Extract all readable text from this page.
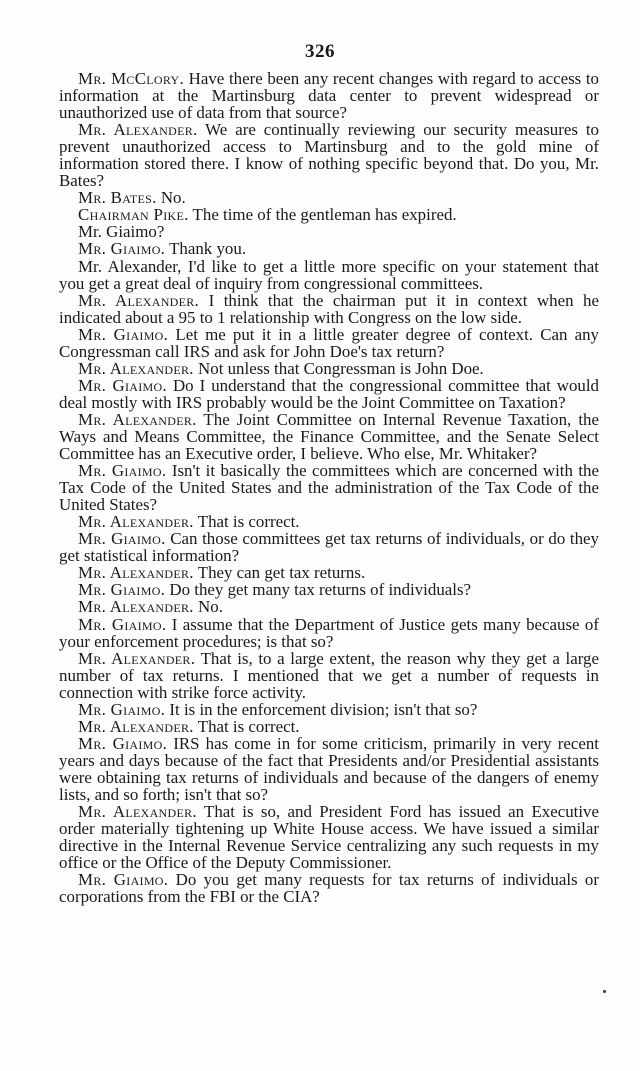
326

Mr. McClory. Have there been any recent changes with regard to access to information at the Martinsburg data center to prevent widespread or unauthorized use of data from that source?

Mr. Alexander. We are continually reviewing our security measures to prevent unauthorized access to Martinsburg and to the gold mine of information stored there. I know of nothing specific beyond that. Do you, Mr. Bates?

Mr. Bates. No.

Chairman Pike. The time of the gentleman has expired.

Mr. Giaimo?

Mr. Giaimo. Thank you.

Mr. Alexander, I'd like to get a little more specific on your statement that you get a great deal of inquiry from congressional committees.

Mr. Alexander. I think that the chairman put it in context when he indicated about a 95 to 1 relationship with Congress on the low side.

Mr. Giaimo. Let me put it in a little greater degree of context. Can any Congressman call IRS and ask for John Doe's tax return?

Mr. Alexander. Not unless that Congressman is John Doe.

Mr. Giaimo. Do I understand that the congressional committee that would deal mostly with IRS probably would be the Joint Committee on Taxation?

Mr. Alexander. The Joint Committee on Internal Revenue Taxation, the Ways and Means Committee, the Finance Committee, and the Senate Select Committee has an Executive order, I believe. Who else, Mr. Whitaker?

Mr. Giaimo. Isn't it basically the committees which are concerned with the Tax Code of the United States and the administration of the Tax Code of the United States?

Mr. Alexander. That is correct.

Mr. Giaimo. Can those committees get tax returns of individuals, or do they get statistical information?

Mr. Alexander. They can get tax returns.

Mr. Giaimo. Do they get many tax returns of individuals?

Mr. Alexander. No.

Mr. Giaimo. I assume that the Department of Justice gets many because of your enforcement procedures; is that so?

Mr. Alexander. That is, to a large extent, the reason why they get a large number of tax returns. I mentioned that we get a number of requests in connection with strike force activity.

Mr. Giaimo. It is in the enforcement division; isn't that so?

Mr. Alexander. That is correct.

Mr. Giaimo. IRS has come in for some criticism, primarily in very recent years and days because of the fact that Presidents and/or Presidential assistants were obtaining tax returns of individuals and because of the dangers of enemy lists, and so forth; isn't that so?

Mr. Alexander. That is so, and President Ford has issued an Executive order materially tightening up White House access. We have issued a similar directive in the Internal Revenue Service centralizing any such requests in my office or the Office of the Deputy Commissioner.

Mr. Giaimo. Do you get many requests for tax returns of individuals or corporations from the FBI or the CIA?
